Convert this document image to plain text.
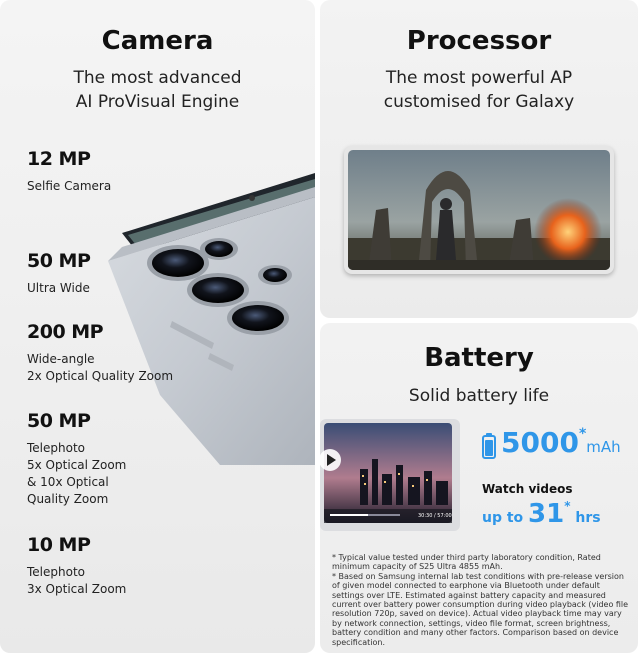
Camera
The most advanced
AI ProVisual Engine
12 MP
Selfie Camera
50 MP
Ultra Wide
200 MP
Wide-angle
2x Optical Quality Zoom
50 MP
Telephoto
5x Optical Zoom
& 10x Optical
Quality Zoom
10 MP
Telephoto
3x Optical Zoom
Processor
The most powerful AP
customised for Galaxy
Battery
Solid battery life
30:30 / 57:00
5000*mAh
Watch videos
up to 31* hrs
* Typical value tested under third party laboratory condition, Rated minimum capacity of S25 Ultra 4855 mAh.
* Based on Samsung internal lab test conditions with pre-release version of given model connected to earphone via Bluetooth under default settings over LTE. Estimated against battery capacity and measured current over battery power consumption during video playback (video file resolution 720p, saved on device). Actual video playback time may vary by network connection, settings, video file format, screen brightness, battery condition and many other factors. Comparison based on device specification.
